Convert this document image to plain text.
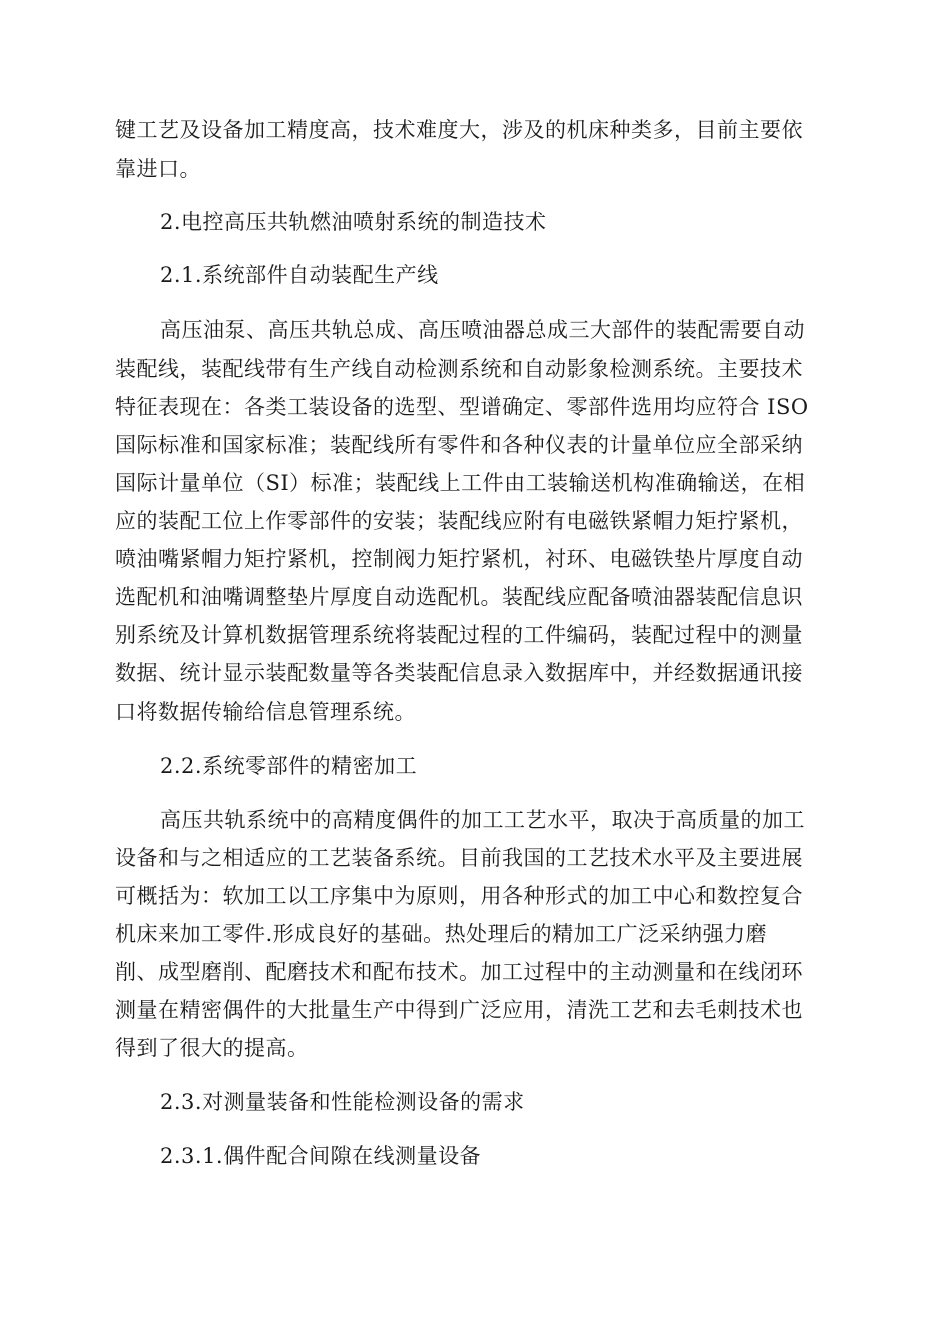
键工艺及设备加工精度高，技术难度大，涉及的机床种类多，目前主要依
靠进口。
2.电控高压共轨燃油喷射系统的制造技术
2.1.系统部件自动装配生产线
高压油泵、高压共轨总成、高压喷油器总成三大部件的装配需要自动
装配线，装配线带有生产线自动检测系统和自动影象检测系统。主要技术
特征表现在：各类工装设备的选型、型谱确定、零部件选用均应符合 ISO
国际标准和国家标准；装配线所有零件和各种仪表的计量单位应全部采纳
国际计量单位（SI）标准；装配线上工件由工装输送机构准确输送，在相
应的装配工位上作零部件的安装；装配线应附有电磁铁紧帽力矩拧紧机，
喷油嘴紧帽力矩拧紧机，控制阀力矩拧紧机，衬环、电磁铁垫片厚度自动
选配机和油嘴调整垫片厚度自动选配机。装配线应配备喷油器装配信息识
别系统及计算机数据管理系统将装配过程的工件编码，装配过程中的测量
数据、统计显示装配数量等各类装配信息录入数据库中，并经数据通讯接
口将数据传输给信息管理系统。
2.2.系统零部件的精密加工
高压共轨系统中的高精度偶件的加工工艺水平，取决于高质量的加工
设备和与之相适应的工艺装备系统。目前我国的工艺技术水平及主要进展
可概括为：软加工以工序集中为原则，用各种形式的加工中心和数控复合
机床来加工零件.形成良好的基础。热处理后的精加工广泛采纳强力磨
削、成型磨削、配磨技术和配布技术。加工过程中的主动测量和在线闭环
测量在精密偶件的大批量生产中得到广泛应用，清洗工艺和去毛刺技术也
得到了很大的提高。
2.3.对测量装备和性能检测设备的需求
2.3.1.偶件配合间隙在线测量设备
